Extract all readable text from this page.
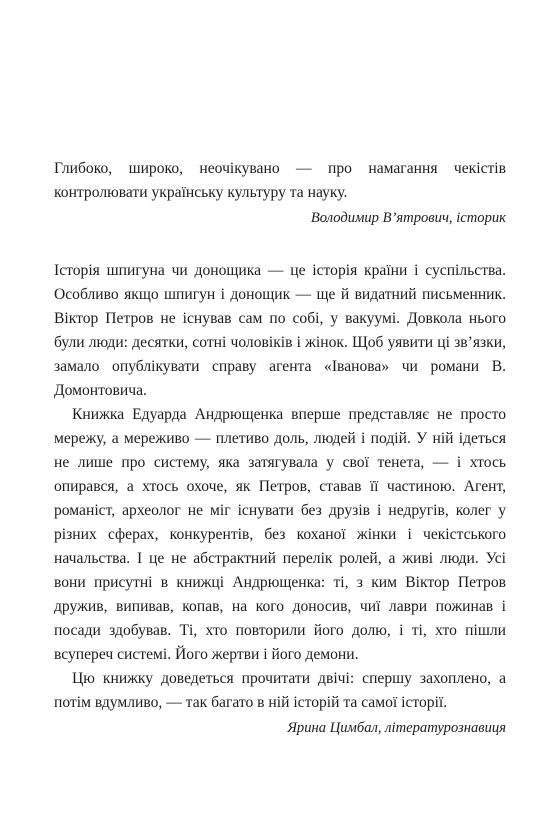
Глибоко, широко, неочікувано — про намагання чекістів контролювати українську культуру та науку.

Володимир В’ятрович, історик

Історія шпигуна чи донощика — це історія країни і суспільства. Особливо якщо шпигун і донощик — ще й видатний письменник. Віктор Петров не існував сам по собі, у вакуумі. Довкола нього були люди: десятки, сотні чоловіків і жінок. Щоб уявити ці зв’язки, замало опублікувати справу агента «Іванова» чи романи В. Домонтовича.

Книжка Едуарда Андрющенка вперше представляє не просто мережу, а мереживо — плетиво доль, людей і подій. У ній ідеться не лише про систему, яка затягувала у свої тенета, — і хтось опирався, а хтось охоче, як Петров, ставав її частиною. Агент, романіст, археолог не міг існувати без друзів і недругів, колег у різних сферах, конкурентів, без коханої жінки і чекістського начальства. І це не абстрактний перелік ролей, а живі люди. Усі вони присутні в книжці Андрющенка: ті, з ким Віктор Петров дружив, випивав, копав, на кого доносив, чиї лаври пожинав і посади здобував. Ті, хто повторили його долю, і ті, хто пішли всупереч системі. Його жертви і його демони.

Цю книжку доведеться прочитати двічі: спершу захоплено, а потім вдумливо, — так багато в ній історій та самої історії.

Ярина Цимбал, літературознавиця
